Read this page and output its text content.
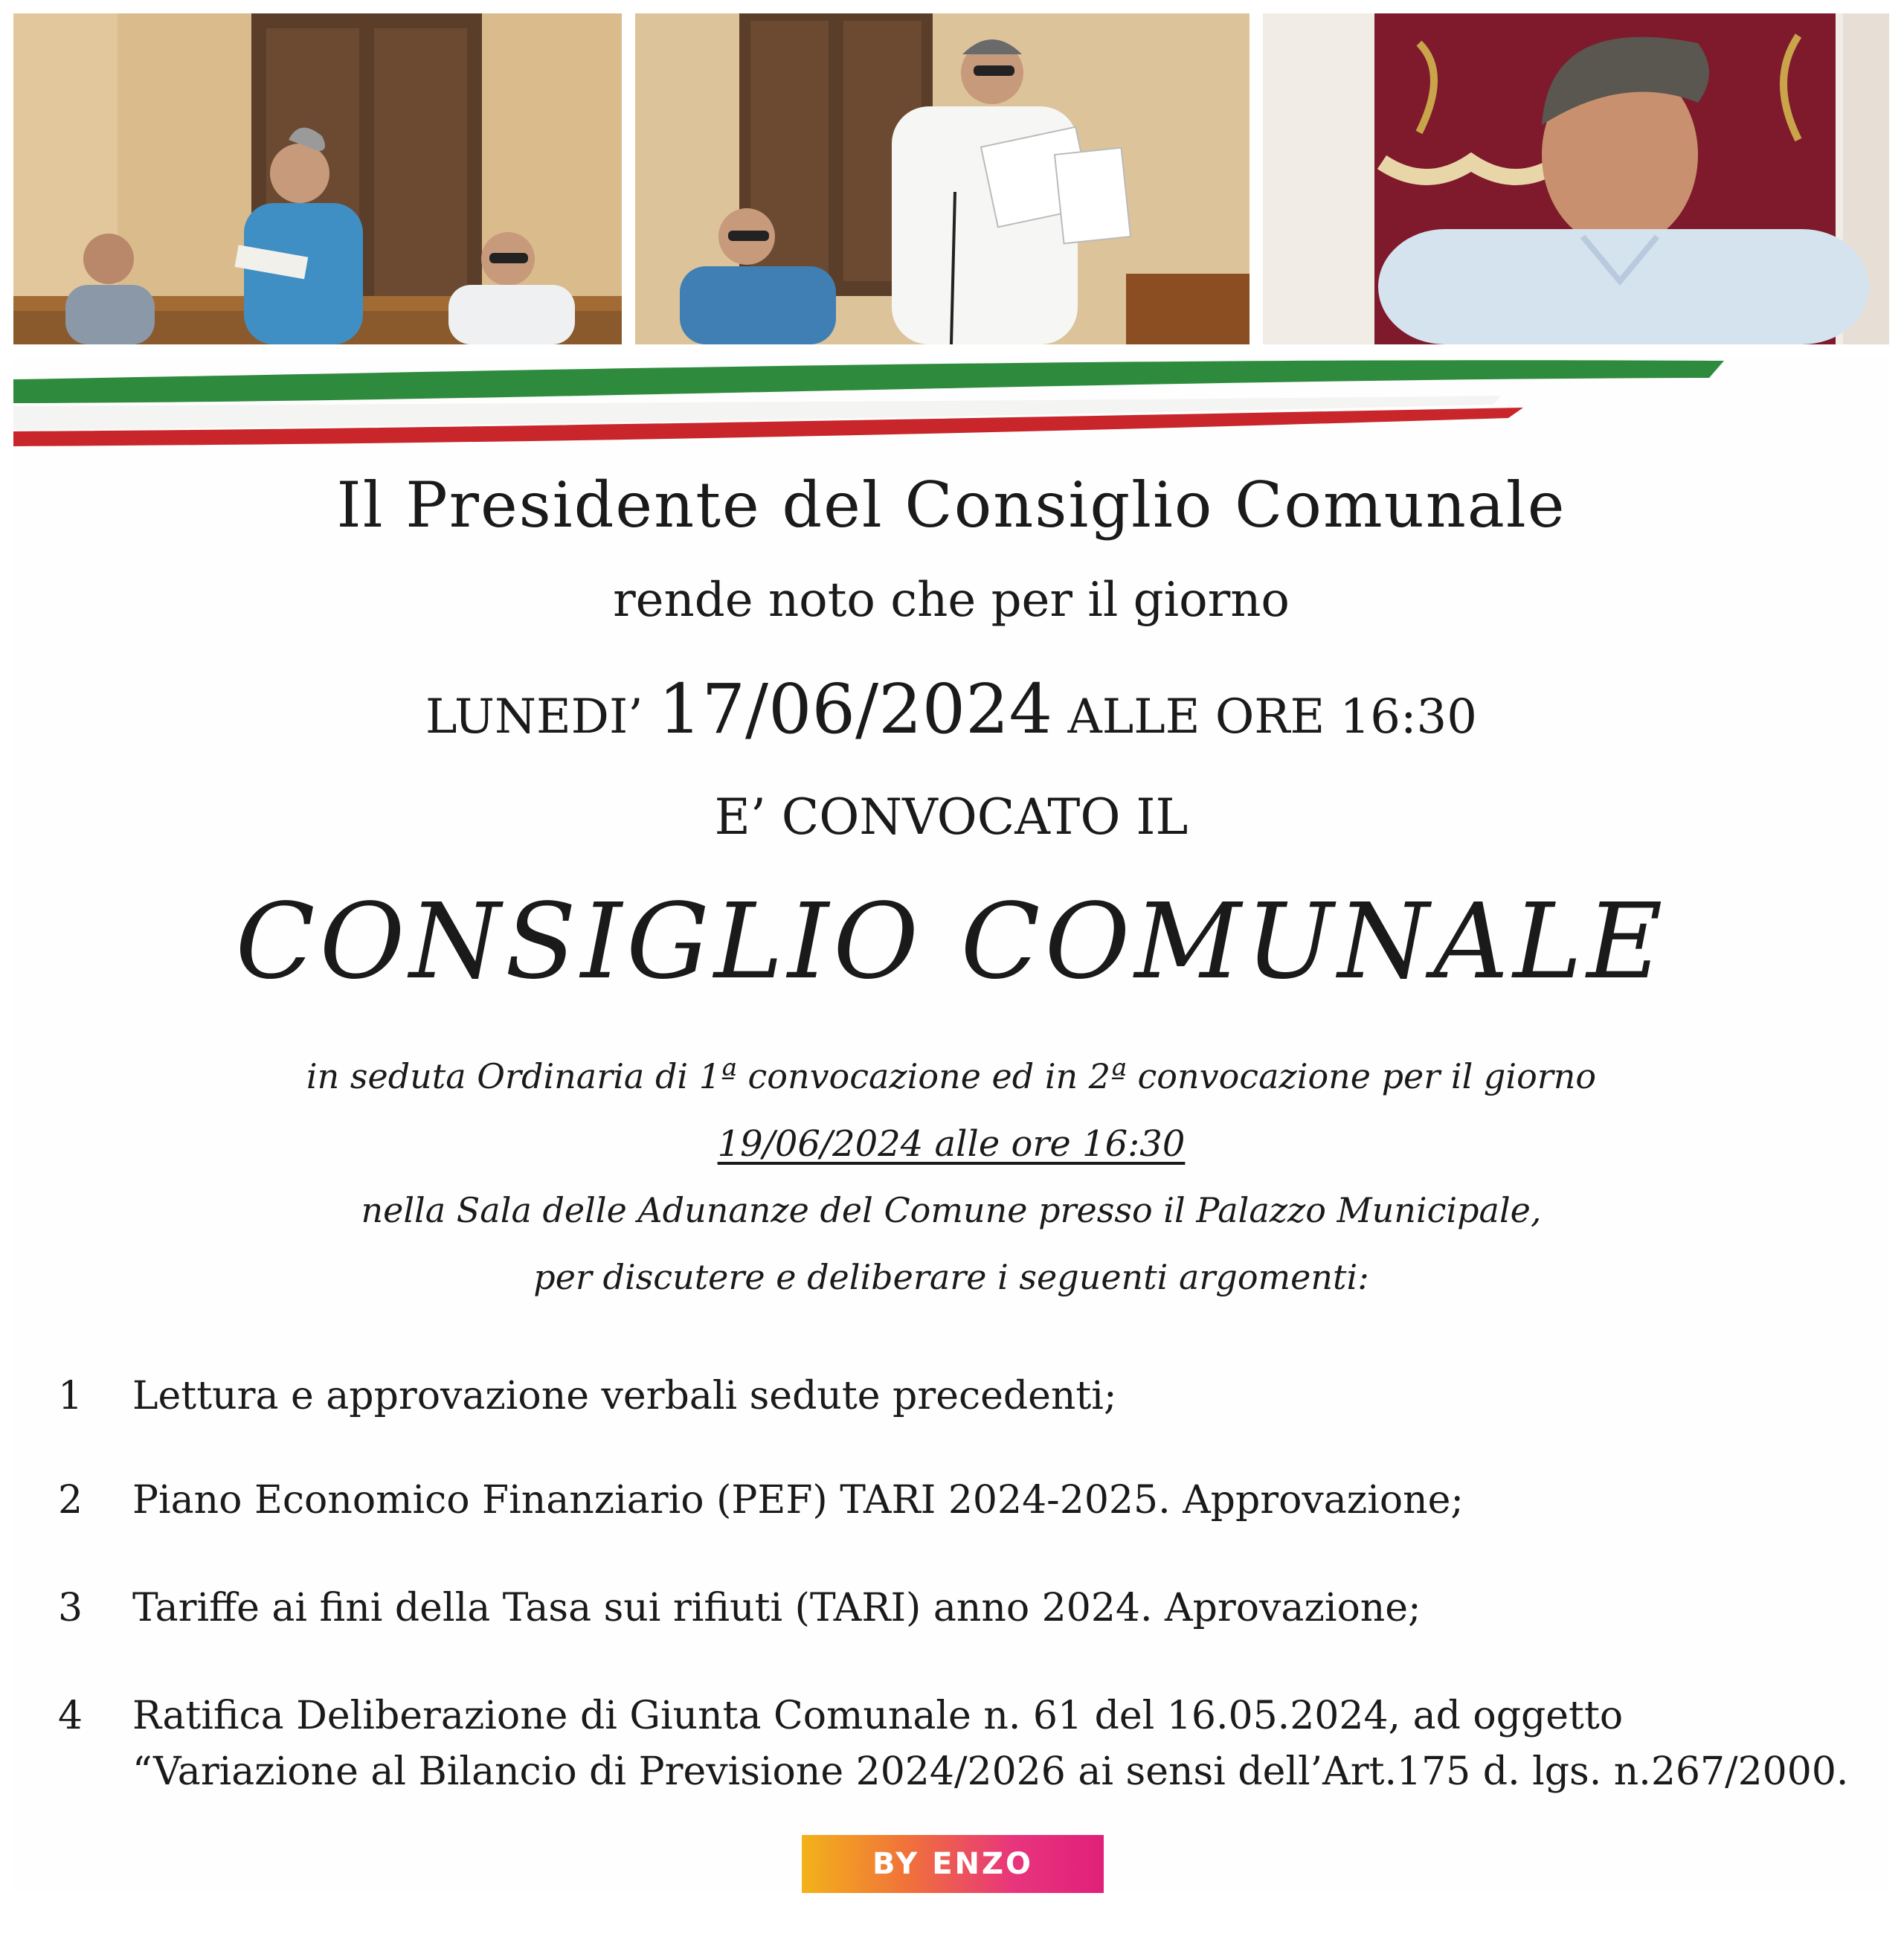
Il Presidente del Consiglio Comunale
rende noto che per il giorno
LUNEDI’ 17/06/2024 ALLE ORE 16:30
E’ CONVOCATO IL
CONSIGLIO COMUNALE
in seduta Ordinaria di 1ª convocazione ed in 2ª convocazione per il giorno
19/06/2024 alle ore 16:30
nella Sala delle Adunanze del Comune presso il Palazzo Municipale,
per discutere e deliberare i seguenti argomenti:
1	Lettura e approvazione verbali sedute precedenti;
2	Piano Economico Finanziario (PEF) TARI 2024-2025. Approvazione;
3	Tariffe ai fini della Tasa sui rifiuti (TARI) anno 2024. Aprovazione;
4	Ratifica Deliberazione di Giunta Comunale n. 61 del 16.05.2024, ad oggetto
“Variazione al Bilancio di Previsione 2024/2026 ai sensi dell’Art.175 d. lgs. n.267/2000.
BY ENZO LACOPO
